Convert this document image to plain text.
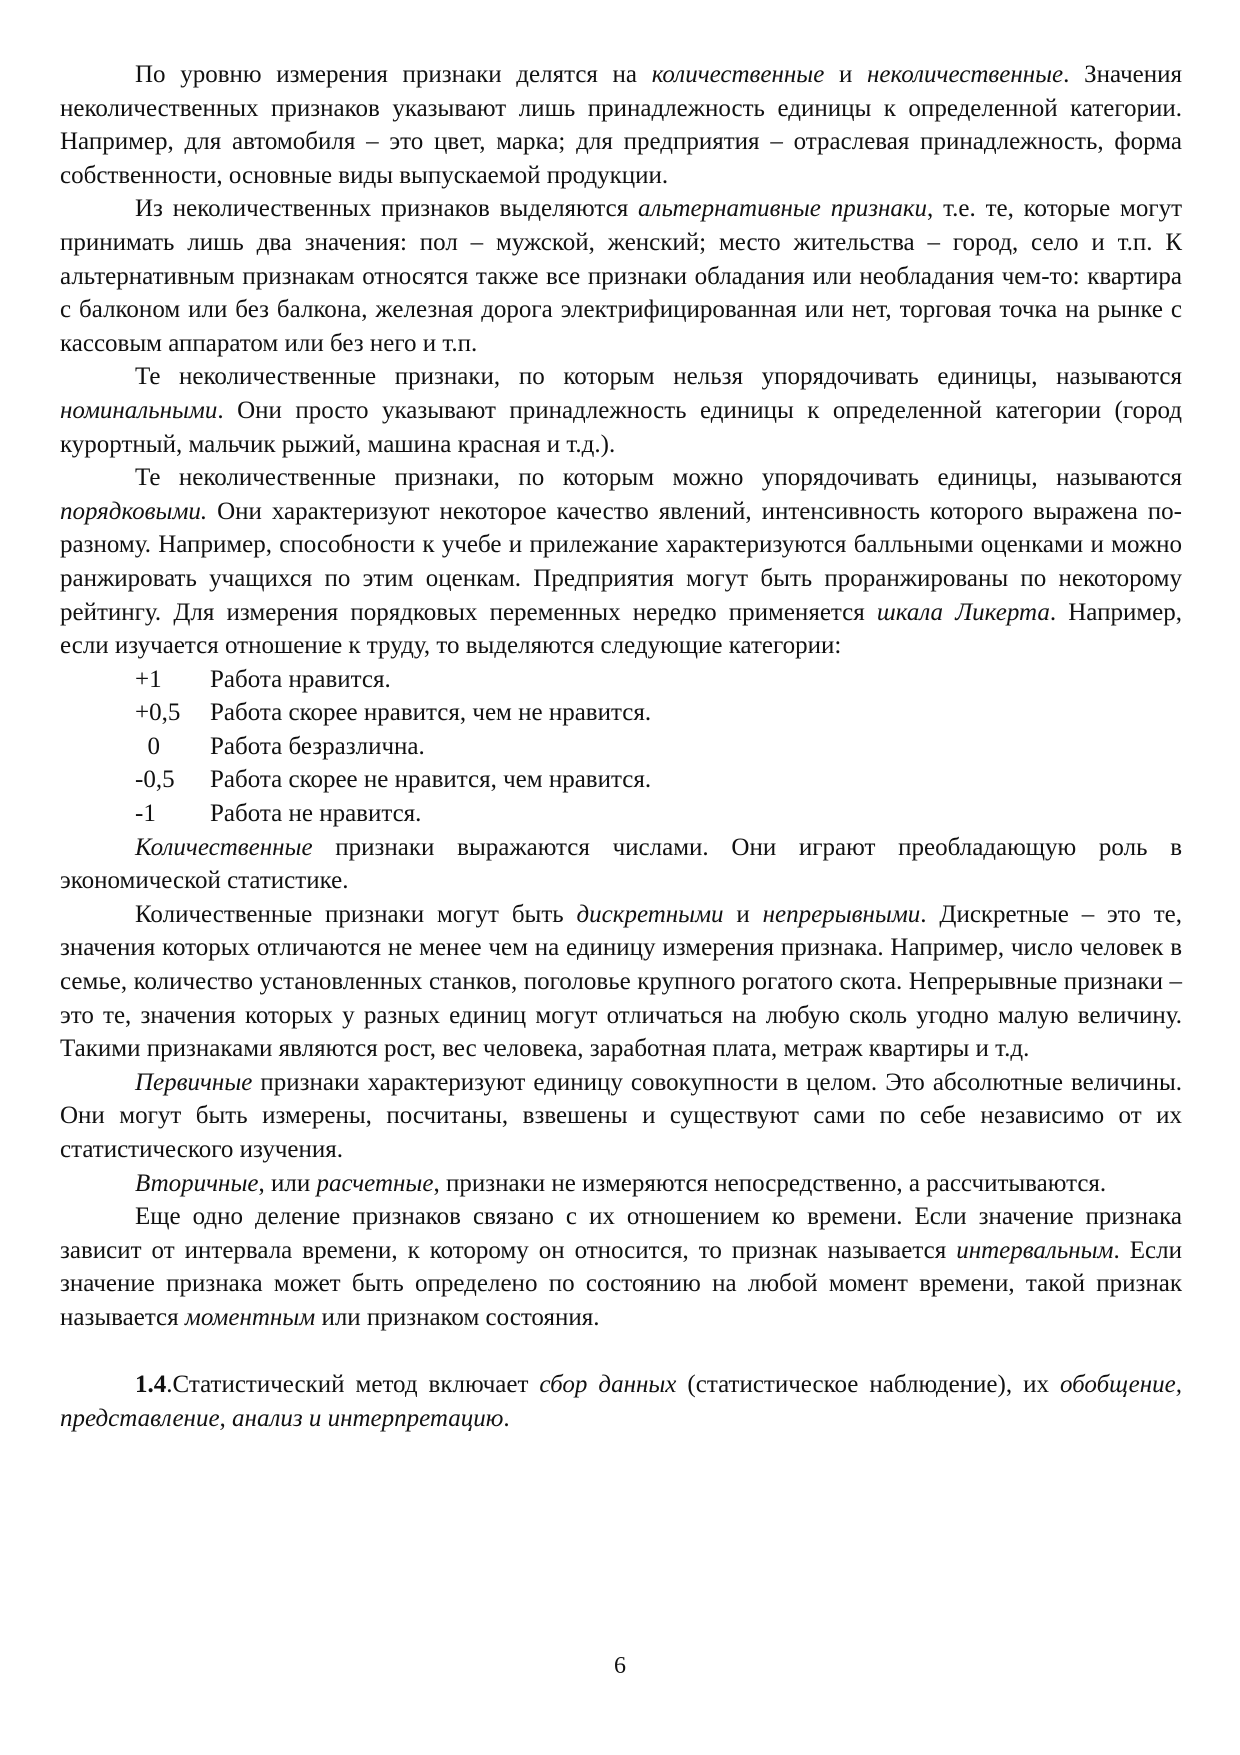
По уровню измерения признаки делятся на количественные и неколичественные. Значения неколичественных признаков указывают лишь принадлежность единицы к определенной категории. Например, для автомобиля – это цвет, марка; для предприятия – отраслевая принадлежность, форма собственности, основные виды выпускаемой продукции.

Из неколичественных признаков выделяются альтернативные признаки, т.е. те, которые могут принимать лишь два значения: пол – мужской, женский; место жительства – город, село и т.п. К альтернативным признакам относятся также все признаки обладания или необладания чем-то: квартира с балконом или без балкона, железная дорога электрифицированная или нет, торговая точка на рынке с кассовым аппаратом или без него и т.п.

Те неколичественные признаки, по которым нельзя упорядочивать единицы, называются номинальными. Они просто указывают принадлежность единицы к определенной категории (город курортный, мальчик рыжий, машина красная и т.д.).

Те неколичественные признаки, по которым можно упорядочивать единицы, называются порядковыми. Они характеризуют некоторое качество явлений, интенсивность которого выражена по-разному. Например, способности к учебе и прилежание характеризуются балльными оценками и можно ранжировать учащихся по этим оценкам. Предприятия могут быть проранжированы по некоторому рейтингу. Для измерения порядковых переменных нередко применяется шкала Ликерта. Например, если изучается отношение к труду, то выделяются следующие категории:

+1	Работа нравится.
+0,5	Работа скорее нравится, чем не нравится.
0	Работа безразлична.
-0,5	Работа скорее не нравится, чем нравится.
-1	Работа не нравится.

Количественные признаки выражаются числами. Они играют преобладающую роль в экономической статистике.

Количественные признаки могут быть дискретными и непрерывными. Дискретные – это те, значения которых отличаются не менее чем на единицу измерения признака. Например, число человек в семье, количество установленных станков, поголовье крупного рогатого скота. Непрерывные признаки – это те, значения которых у разных единиц могут отличаться на любую сколь угодно малую величину. Такими признаками являются рост, вес человека, заработная плата, метраж квартиры и т.д.

Первичные признаки характеризуют единицу совокупности в целом. Это абсолютные величины. Они могут быть измерены, посчитаны, взвешены и существуют сами по себе независимо от их статистического изучения.

Вторичные, или расчетные, признаки не измеряются непосредственно, а рассчитываются.

Еще одно деление признаков связано с их отношением ко времени. Если значение признака зависит от интервала времени, к которому он относится, то признак называется интервальным. Если значение признака может быть определено по состоянию на любой момент времени, такой признак называется моментным или признаком состояния.

1.4.Статистический метод включает сбор данных (статистическое наблюдение), их обобщение, представление, анализ и интерпретацию.

6
